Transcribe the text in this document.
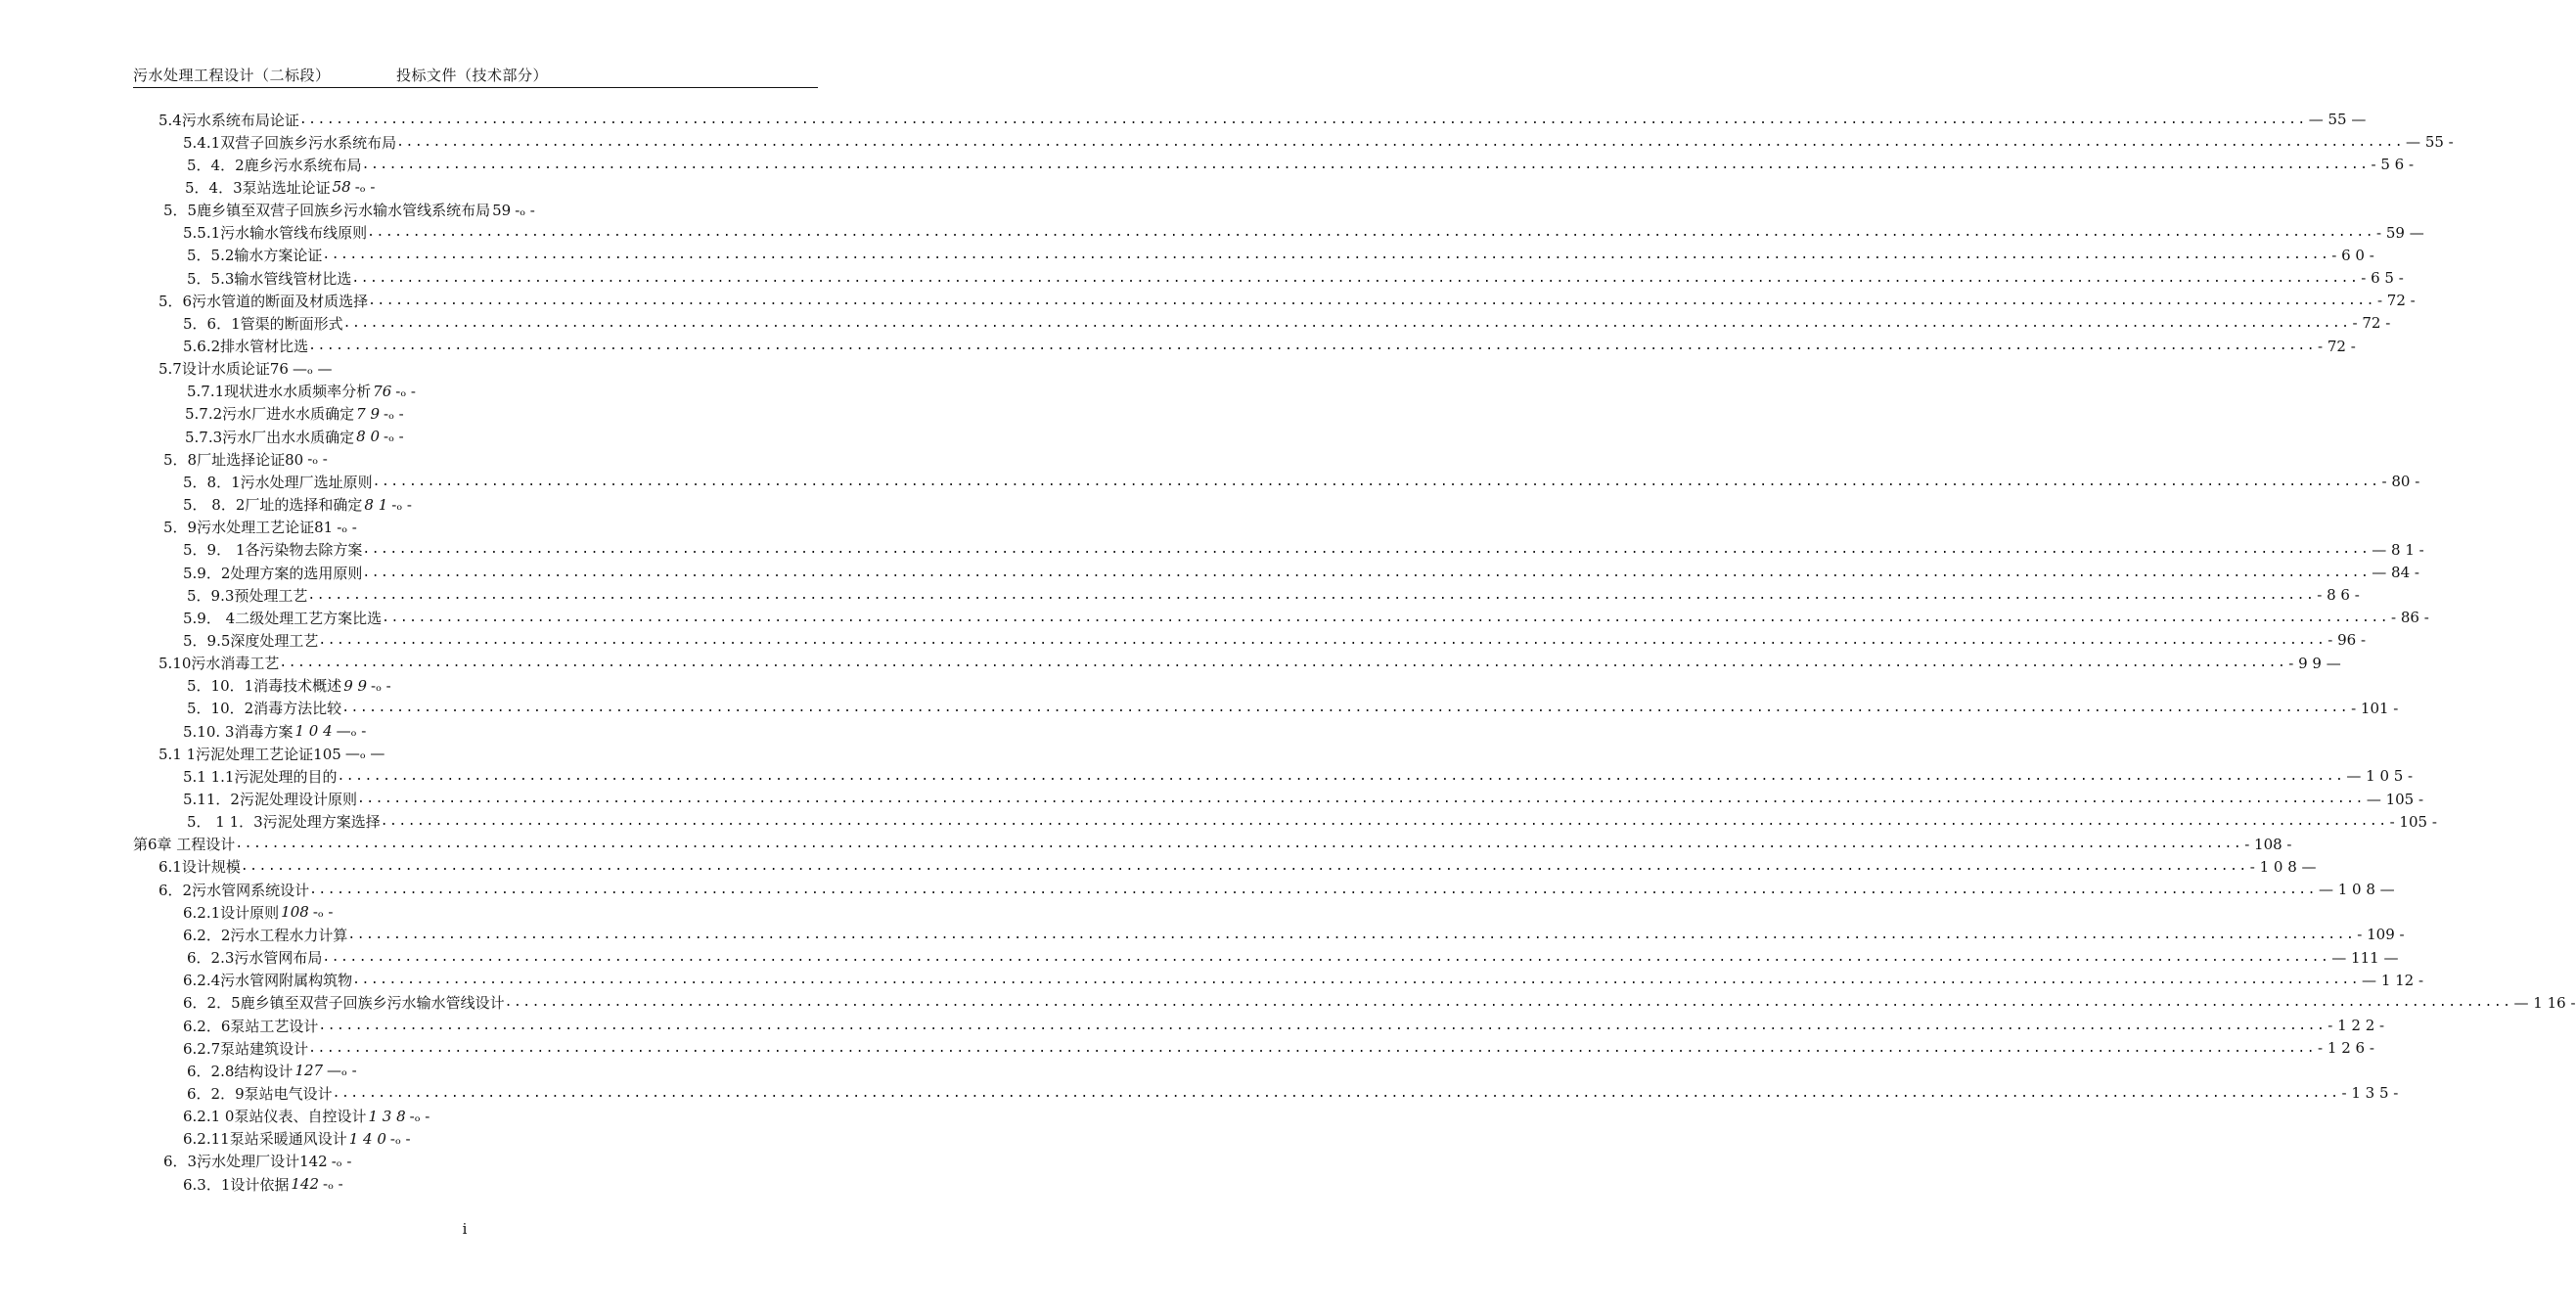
污水处理工程设计（二标段）	投标文件（技术部分）
5.4污水系统布局论证 ............................................................................................................................................................................................................................ — 55 —
5.4.1双营子回族乡污水系统布局 ............................................................................................................................................................................................................................ — 55 -
5．4．2鹿乡污水系统布局 ............................................................................................................................................................................................................................ - 5 6 -
5．4．3泵站选址论证 58 -ₒ -
5．5鹿乡镇至双营子回族乡污水输水管线系统布局 59 -ₒ -
5.5.1污水输水管线布线原则 ............................................................................................................................................................................................................................ - 59 —
5．5.2输水方案论证 ............................................................................................................................................................................................................................ - 6 0 -
5．5.3输水管线管材比选 ............................................................................................................................................................................................................................ - 6 5 -
5．6污水管道的断面及材质选择 ............................................................................................................................................................................................................................ - 72 -
5．6．1管渠的断面形式 ............................................................................................................................................................................................................................ - 72 -
5.6.2排水管材比选 ............................................................................................................................................................................................................................ - 72 -
5.7设计水质论证76 —ₒ —
5.7.1现状进水水质频率分析 76 -ₒ -
5.7.2污水厂进水水质确定 7 9 -ₒ -
5.7.3污水厂出水水质确定 8 0 -ₒ -
5．8厂址选择论证80 -ₒ -
5．8．1污水处理厂选址原则 ............................................................................................................................................................................................................................ - 80 -
5． 8．2厂址的选择和确定 8 1 -ₒ -
5．9污水处理工艺论证81 -ₒ -
5．9． 1各污染物去除方案 ............................................................................................................................................................................................................................ — 8 1 -
5.9．2处理方案的选用原则 ............................................................................................................................................................................................................................ — 84 -
5．9.3预处理工艺 ............................................................................................................................................................................................................................ - 8 6 -
5.9． 4二级处理工艺方案比选 ............................................................................................................................................................................................................................ - 86 -
5．9.5深度处理工艺 ............................................................................................................................................................................................................................ - 96 -
5.10污水消毒工艺 ............................................................................................................................................................................................................................ - 9 9 —
5．10．1消毒技术概述 9 9 -ₒ -
5．10．2消毒方法比较 ............................................................................................................................................................................................................................ - 101 -
5.10. 3消毒方案 1 0 4 —ₒ -
5.1 1污泥处理工艺论证105 —ₒ —
5.1 1.1污泥处理的目的 ............................................................................................................................................................................................................................ — 1 0 5 -
5.11．2污泥处理设计原则 ............................................................................................................................................................................................................................ — 105 -
5． 1 1．3污泥处理方案选择 ............................................................................................................................................................................................................................ - 105 -
第6章 工程设计 ............................................................................................................................................................................................................................ - 108 -
6.1设计规模 ............................................................................................................................................................................................................................ - 1 0 8 —
6．2污水管网系统设计 ............................................................................................................................................................................................................................ — 1 0 8 —
6.2.1设计原则 108 -ₒ -
6.2．2污水工程水力计算 ............................................................................................................................................................................................................................ - 109 -
6．2.3污水管网布局 ............................................................................................................................................................................................................................ — 111 —
6.2.4污水管网附属构筑物 ............................................................................................................................................................................................................................ — 1 12 -
6．2．5鹿乡镇至双营子回族乡污水输水管线设计 ............................................................................................................................................................................................................................ — 1 16 -
6.2．6泵站工艺设计 ............................................................................................................................................................................................................................ - 1 2 2 -
6.2.7泵站建筑设计 ............................................................................................................................................................................................................................ - 1 2 6 -
6．2.8结构设计 127 —ₒ -
6．2．9泵站电气设计 ............................................................................................................................................................................................................................ - 1 3 5 -
6.2.1 0泵站仪表、自控设计 1 3 8 -ₒ -
6.2.11泵站采暖通风设计 1 4 0 -ₒ -
6．3污水处理厂设计142 -ₒ -
6.3．1设计依据 142 -ₒ -
i
